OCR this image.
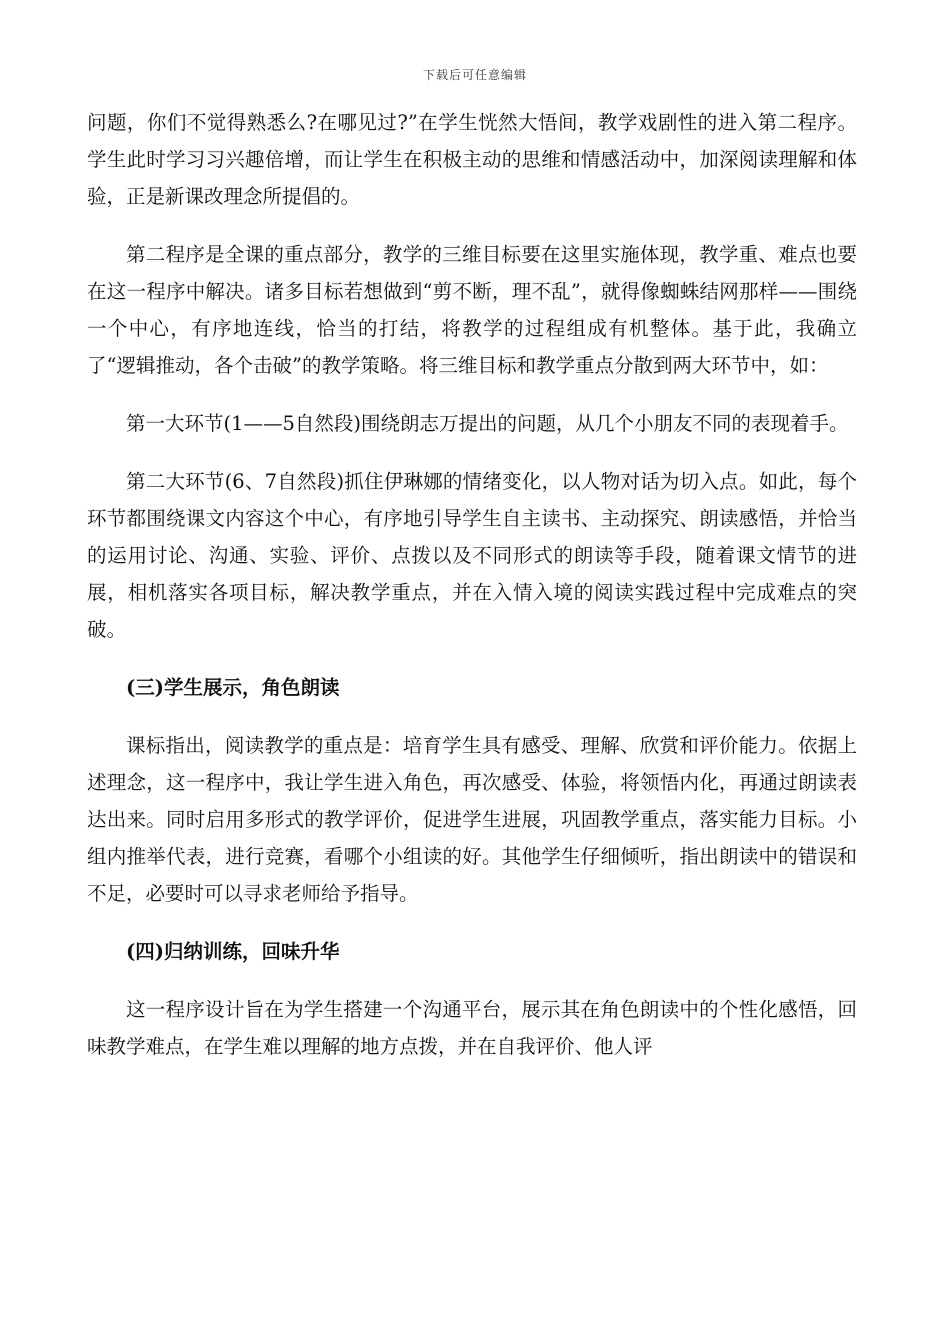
下载后可任意编辑

问题，你们不觉得熟悉么?在哪见过?”在学生恍然大悟间，教学戏剧性的进入第二程序。学生此时学习习兴趣倍增，而让学生在积极主动的思维和情感活动中，加深阅读理解和体验，正是新课改理念所提倡的。

第二程序是全课的重点部分，教学的三维目标要在这里实施体现，教学重、难点也要在这一程序中解决。诸多目标若想做到“剪不断，理不乱”，就得像蜘蛛结网那样——围绕一个中心，有序地连线，恰当的打结，将教学的过程组成有机整体。基于此，我确立了“逻辑推动，各个击破”的教学策略。将三维目标和教学重点分散到两大环节中，如：

第一大环节(1——5自然段)围绕朗志万提出的问题，从几个小朋友不同的表现着手。

第二大环节(6、7自然段)抓住伊琳娜的情绪变化，以人物对话为切入点。如此，每个环节都围绕课文内容这个中心，有序地引导学生自主读书、主动探究、朗读感悟，并恰当的运用讨论、沟通、实验、评价、点拨以及不同形式的朗读等手段，随着课文情节的进展，相机落实各项目标，解决教学重点，并在入情入境的阅读实践过程中完成难点的突破。

(三)学生展示，角色朗读

课标指出，阅读教学的重点是：培育学生具有感受、理解、欣赏和评价能力。依据上述理念，这一程序中，我让学生进入角色，再次感受、体验，将领悟内化，再通过朗读表达出来。同时启用多形式的教学评价，促进学生进展，巩固教学重点，落实能力目标。小组内推举代表，进行竞赛，看哪个小组读的好。其他学生仔细倾听，指出朗读中的错误和不足，必要时可以寻求老师给予指导。

(四)归纳训练，回味升华

这一程序设计旨在为学生搭建一个沟通平台，展示其在角色朗读中的个性化感悟，回味教学难点，在学生难以理解的地方点拨，并在自我评价、他人评
